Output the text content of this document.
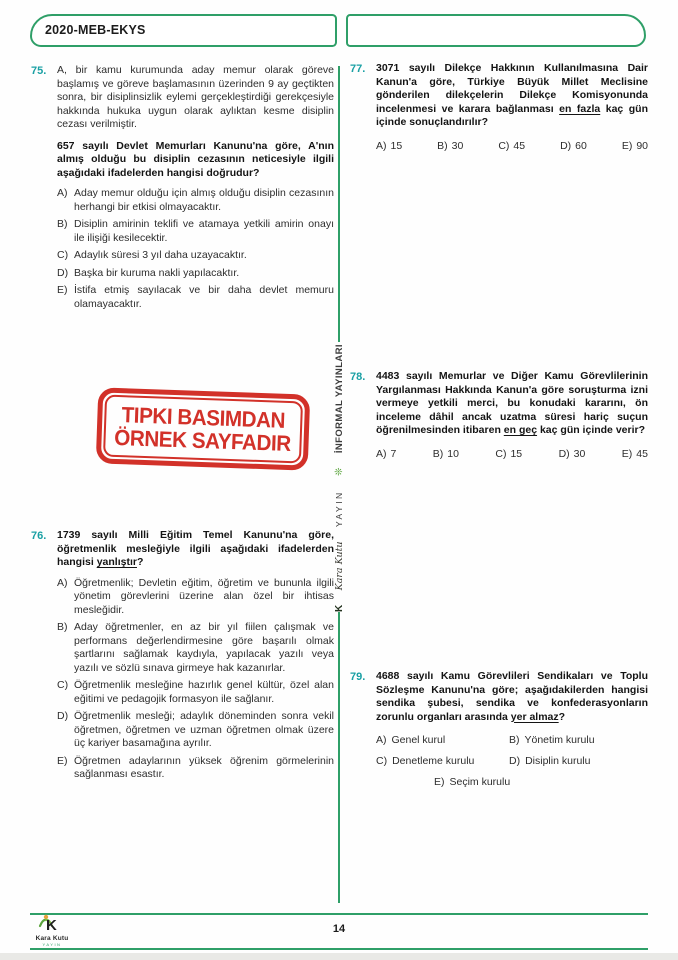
2020-MEB-EKYS
K
Kara Kutu
YAYIN
❊
İNFORMAL YAYINLARI
75.	A, bir kamu kurumunda aday memur olarak göreve başlamış ve göreve başlamasının üzerinden 9 ay geçtikten sonra, bir disiplinsizlik eylemi gerçekleştirdiği gerekçesiyle hakkında hukuka uygun olarak aylıktan kesme disiplin cezası verilmiştir.

657 sayılı Devlet Memurları Kanunu'na göre, A'nın almış olduğu bu disiplin cezasının neticesiyle ilgili aşağıdaki ifadelerden hangisi doğrudur?

A) Aday memur olduğu için almış olduğu disiplin cezasının herhangi bir etkisi olmayacaktır.
B) Disiplin amirinin teklifi ve atamaya yetkili amirin onayı ile ilişiği kesilecektir.
C) Adaylık süresi 3 yıl daha uzayacaktır.
D) Başka bir kuruma nakli yapılacaktır.
E) İstifa etmiş sayılacak ve bir daha devlet memuru olamayacaktır.
TIPKI BASIMDAN
ÖRNEK SAYFADIR
76.	1739 sayılı Milli Eğitim Temel Kanunu'na göre, öğretmenlik mesleğiyle ilgili aşağıdaki ifadelerden hangisi yanlıştır?

A) Öğretmenlik; Devletin eğitim, öğretim ve bununla ilgili yönetim görevlerini üzerine alan özel bir ihtisas mesleğidir.
B) Aday öğretmenler, en az bir yıl fiilen çalışmak ve performans değerlendirmesine göre başarılı olmak şartlarını sağlamak kaydıyla, yapılacak yazılı veya yazılı ve sözlü sınava girmeye hak kazanırlar.
C) Öğretmenlik mesleğine hazırlık genel kültür, özel alan eğitimi ve pedagojik formasyon ile sağlanır.
D) Öğretmenlik mesleği; adaylık döneminden sonra vekil öğretmen, öğretmen ve uzman öğretmen olmak üzere üç kariyer basamağına ayrılır.
E) Öğretmen adaylarının yüksek öğrenim görmelerinin sağlanması esastır.
77.	3071 sayılı Dilekçe Hakkının Kullanılmasına Dair Kanun'a göre, Türkiye Büyük Millet Meclisine gönderilen dilekçelerin Dilekçe Komisyonunda incelenmesi ve karara bağlanması en fazla kaç gün içinde sonuçlandırılır?

A) 15	B) 30	C) 45	D) 60	E) 90
78.	4483 sayılı Memurlar ve Diğer Kamu Görevlilerinin Yargılanması Hakkında Kanun'a göre soruşturma izni vermeye yetkili merci, bu konudaki kararını, ön inceleme dâhil ancak uzatma süresi hariç suçun öğrenilmesinden itibaren en geç kaç gün içinde verir?

A) 7	B) 10	C) 15	D) 30	E) 45
79.	4688 sayılı Kamu Görevlileri Sendikaları ve Toplu Sözleşme Kanunu'na göre; aşağıdakilerden hangisi sendika şubesi, sendika ve konfederasyonların zorunlu organları arasında yer almaz?

A) Genel kurul	B) Yönetim kurulu
C) Denetleme kurulu	D) Disiplin kurulu
E) Seçim kurulu
14
K
Kara Kutu
YAYIN
